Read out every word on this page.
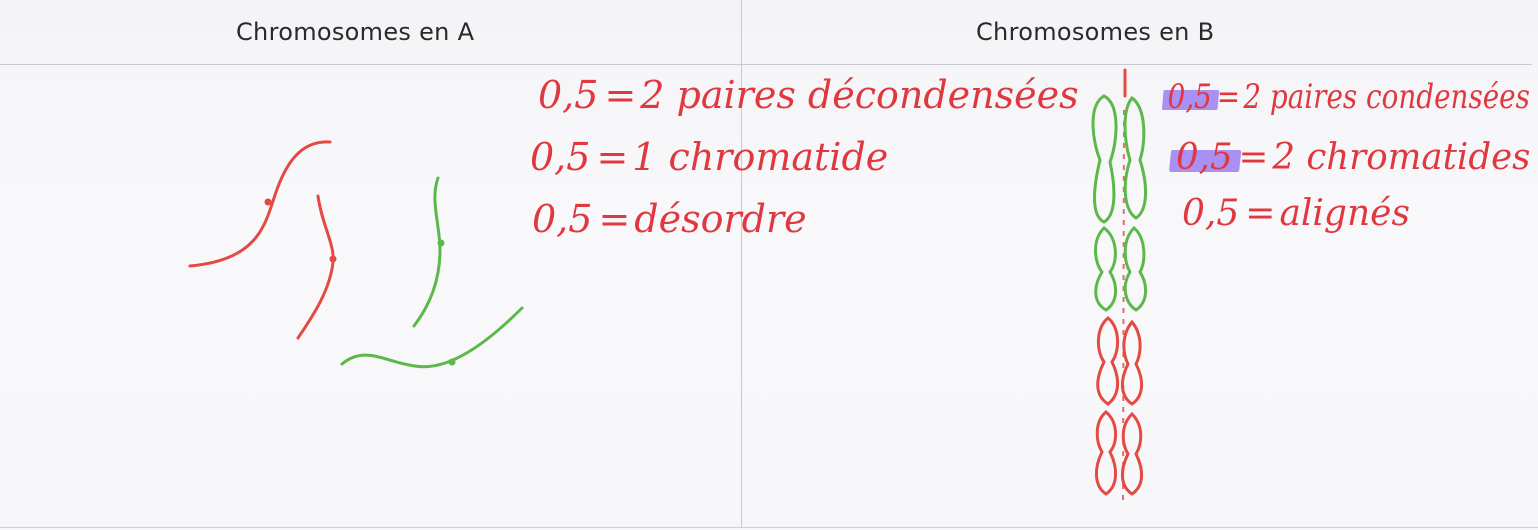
Chromosomes en A	Chromosomes en B
0,5 = 2 paires décondensées
0,5 = 1 chromatide
0,5 = désordre
0,5 =2 paires condensées
0,5 = 2 chromatides
0,5 = alignés
